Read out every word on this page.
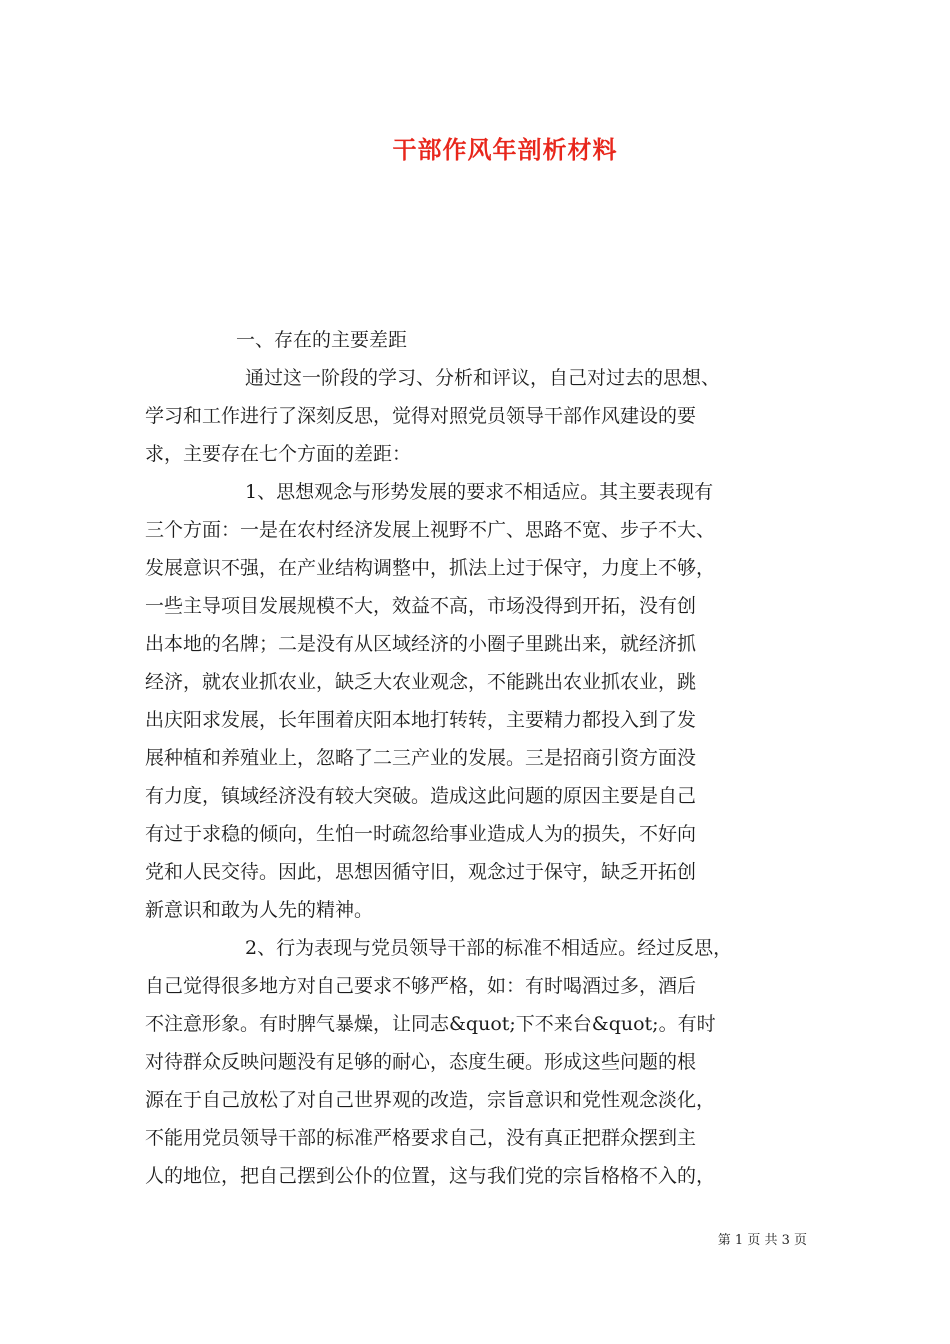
干部作风年剖析材料

一、存在的主要差距

通过这一阶段的学习、分析和评议，自己对过去的思想、

学习和工作进行了深刻反思，觉得对照党员领导干部作风建设的要

求，主要存在七个方面的差距：

1、思想观念与形势发展的要求不相适应。其主要表现有

三个方面：一是在农村经济发展上视野不广、思路不宽、步子不大、

发展意识不强，在产业结构调整中，抓法上过于保守，力度上不够，

一些主导项目发展规模不大，效益不高，市场没得到开拓，没有创

出本地的名牌；二是没有从区域经济的小圈子里跳出来，就经济抓

经济，就农业抓农业，缺乏大农业观念，不能跳出农业抓农业，跳

出庆阳求发展，长年围着庆阳本地打转转，主要精力都投入到了发

展种植和养殖业上，忽略了二三产业的发展。三是招商引资方面没

有力度，镇域经济没有较大突破。造成这此问题的原因主要是自己

有过于求稳的倾向，生怕一时疏忽给事业造成人为的损失，不好向

党和人民交待。因此，思想因循守旧，观念过于保守，缺乏开拓创

新意识和敢为人先的精神。

2、行为表现与党员领导干部的标准不相适应。经过反思，

自己觉得很多地方对自己要求不够严格，如：有时喝酒过多，酒后

不注意形象。有时脾气暴燥，让同志&quot;下不来台&quot;。有时

对待群众反映问题没有足够的耐心，态度生硬。形成这些问题的根

源在于自己放松了对自己世界观的改造，宗旨意识和党性观念淡化，

不能用党员领导干部的标准严格要求自己，没有真正把群众摆到主

人的地位，把自己摆到公仆的位置，这与我们党的宗旨格格不入的，

第 1 页 共 3 页
